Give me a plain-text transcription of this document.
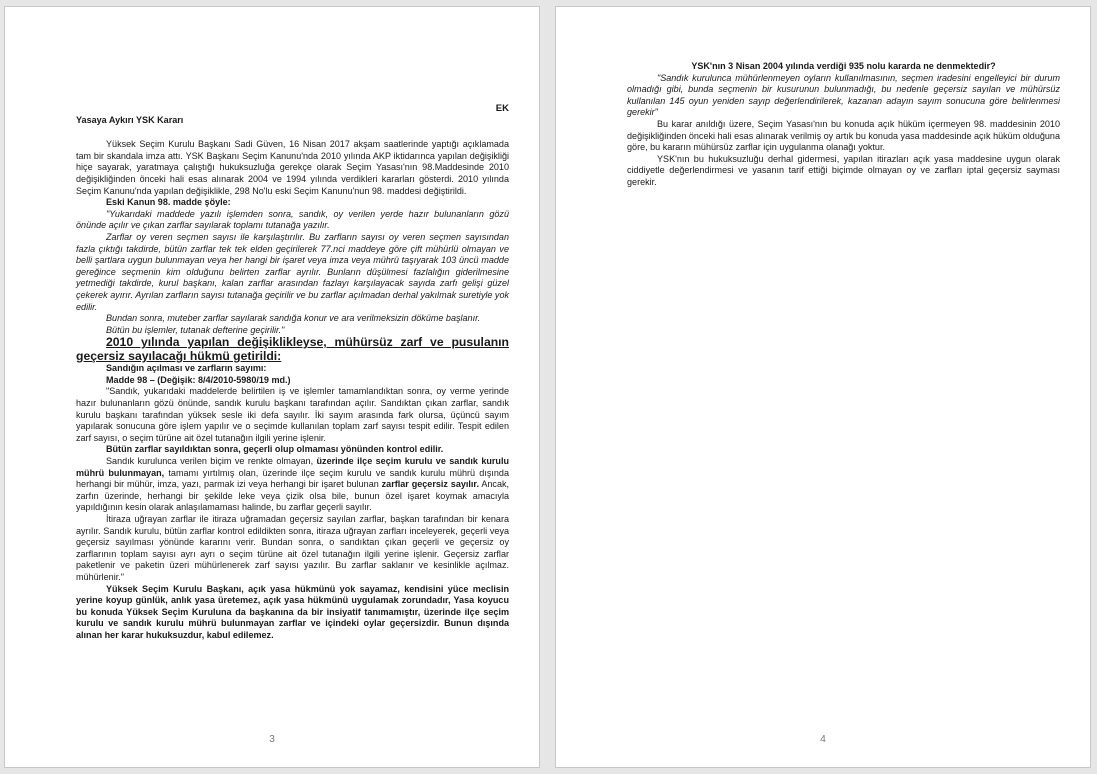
EK

Yasaya Aykırı YSK Kararı

Yüksek Seçim Kurulu Başkanı Sadi Güven, 16 Nisan 2017 akşam saatlerinde yaptığı açıklamada tam bir skandala imza attı. YSK Başkanı Seçim Kanunu'nda 2010 yılında AKP iktidarınca yapılan değişikliği hiçe sayarak, yaratmaya çalıştığı hukuksuzluğa gerekçe olarak Seçim Yasası'nın 98.Maddesinde 2010 değişikliğinden önceki hali esas alınarak 2004 ve 1994 yılında verdikleri kararları gösterdi. 2010 yılında Seçim Kanunu'nda yapılan değişiklikle, 298 No'lu eski Seçim Kanunu'nun 98. maddesi değiştirildi.

Eski Kanun 98. madde şöyle:

"Yukarıdaki maddede yazılı işlemden sonra, sandık, oy verilen yerde hazır bulunanların gözü önünde açılır ve çıkan zarflar sayılarak toplamı tutanağa yazılır.

Zarflar oy veren seçmen sayısı ile karşılaştırılır. Bu zarfların sayısı oy veren seçmen sayısından fazla çıktığı takdirde, bütün zarflar tek tek elden geçirilerek 77.nci maddeye göre çift mühürlü olmayan ve belli şartlara uygun bulunmayan veya her hangi bir işaret veya imza veya mührü taşıyarak 103 üncü madde gereğince seçmenin kim olduğunu belirten zarflar ayrılır. Bunların düşülmesi fazlalığın giderilmesine yetmediği takdirde, kurul başkanı, kalan zarflar arasından fazlayı karşılayacak sayıda zarfı gelişi güzel çekerek ayırır. Ayrılan zarfların sayısı tutanağa geçirilir ve bu zarflar açılmadan derhal yakılmak suretiyle yok edilir.

Bundan sonra, muteber zarflar sayılarak sandığa konur ve ara verilmeksizin döküme başlanır.

Bütün bu işlemler, tutanak defterine geçirilir."

2010 yılında yapılan değişiklikleyse, mühürsüz zarf ve pusulanın geçersiz sayılacağı hükmü getirildi:

Sandığın açılması ve zarfların sayımı:

Madde 98 – (Değişik: 8/4/2010-5980/19 md.)

"Sandık, yukarıdaki maddelerde belirtilen iş ve işlemler tamamlandıktan sonra, oy verme yerinde hazır bulunanların gözü önünde, sandık kurulu başkanı tarafından açılır. Sandıktan çıkan zarflar, sandık kurulu başkanı tarafından yüksek sesle iki defa sayılır. İki sayım arasında fark olursa, üçüncü sayım yapılarak sonucuna göre işlem yapılır ve o seçimde kullanılan toplam zarf sayısı tespit edilir. Tespit edilen zarf sayısı, o seçim türüne ait özel tutanağın ilgili yerine işlenir.

Bütün zarflar sayıldıktan sonra, geçerli olup olmaması yönünden kontrol edilir.

Sandık kurulunca verilen biçim ve renkte olmayan, üzerinde ilçe seçim kurulu ve sandık kurulu mührü bulunmayan, tamamı yırtılmış olan, üzerinde ilçe seçim kurulu ve sandık kurulu mührü dışında herhangi bir mühür, imza, yazı, parmak izi veya herhangi bir işaret bulunan zarflar geçersiz sayılır. Ancak, zarfın üzerinde, herhangi bir şekilde leke veya çizik olsa bile, bunun özel işaret koymak amacıyla yapıldığının kesin olarak anlaşılamaması halinde, bu zarflar geçerli sayılır.

İtiraza uğrayan zarflar ile itiraza uğramadan geçersiz sayılan zarflar, başkan tarafından bir kenara ayrılır. Sandık kurulu, bütün zarflar kontrol edildikten sonra, itiraza uğrayan zarfları inceleyerek, geçerli veya geçersiz sayılması yönünde kararını verir. Bundan sonra, o sandıktan çıkan geçerli ve geçersiz oy zarflarının toplam sayısı ayrı ayrı o seçim türüne ait özel tutanağın ilgili yerine işlenir. Geçersiz zarflar paketlenir ve paketin üzeri mühürlenerek zarf sayısı yazılır. Bu zarflar saklanır ve kesinlikle açılmaz. mühürlenir."

Yüksek Seçim Kurulu Başkanı, açık yasa hükmünü yok sayamaz, kendisini yüce meclisin yerine koyup günlük, anlık yasa üretemez, açık yasa hükmünü uygulamak zorundadır, Yasa koyucu bu konuda Yüksek Seçim Kuruluna da başkanına da bir insiyatif tanımamıştır, üzerinde ilçe seçim kurulu ve sandık kurulu mührü bulunmayan zarflar ve içindeki oylar geçersizdir. Bunun dışında alınan her karar hukuksuzdur, kabul edilemez.

3

YSK'nın 3 Nisan 2004 yılında verdiği 935 nolu kararda ne denmektedir?

"Sandık kurulunca mühürlenmeyen oyların kullanılmasının, seçmen iradesini engelleyici bir durum olmadığı gibi, bunda seçmenin bir kusurunun bulunmadığı, bu nedenle geçersiz sayılan ve mühürsüz kullanılan 145 oyun yeniden sayıp değerlendirilerek, kazanan adayın sayım sonucuna göre belirlenmesi gerekir"

Bu karar anıldığı üzere, Seçim Yasası'nın bu konuda açık hüküm içermeyen 98. maddesinin 2010 değişikliğinden önceki hali esas alınarak verilmiş oy artık bu konuda yasa maddesinde açık hüküm olduğuna göre, bu kararın mühürsüz zarflar için uygulanma olanağı yoktur.

YSK'nın bu hukuksuzluğu derhal gidermesi, yapılan itirazları açık yasa maddesine uygun olarak ciddiyetle değerlendirmesi ve yasanın tarif ettiği biçimde olmayan oy ve zarfları iptal geçersiz sayması gerekir.

4
